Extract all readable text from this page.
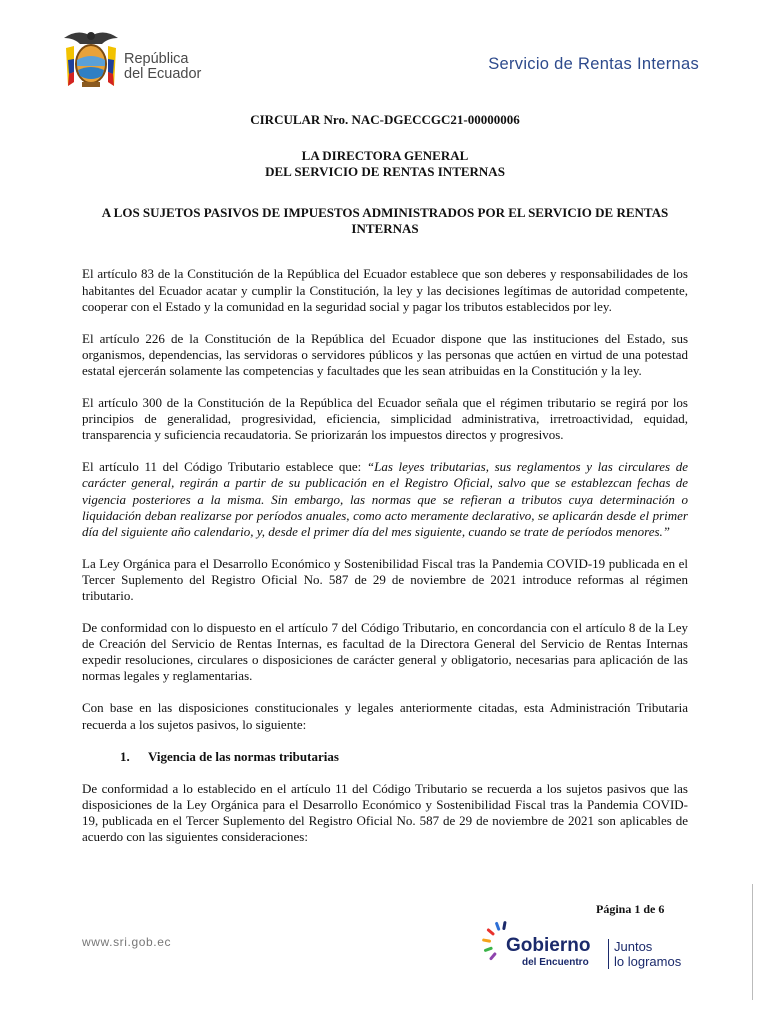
República
del Ecuador
Servicio de Rentas Internas
CIRCULAR Nro. NAC-DGECCGC21-00000006
LA DIRECTORA GENERAL
DEL SERVICIO DE RENTAS INTERNAS
A LOS SUJETOS PASIVOS DE IMPUESTOS ADMINISTRADOS POR EL SERVICIO DE RENTAS INTERNAS

El artículo 83 de la Constitución de la República del Ecuador establece que son deberes y responsabilidades de los habitantes del Ecuador acatar y cumplir la Constitución, la ley y las decisiones legítimas de autoridad competente, cooperar con el Estado y la comunidad en la seguridad social y pagar los tributos establecidos por ley.

El artículo 226 de la Constitución de la República del Ecuador dispone que las instituciones del Estado, sus organismos, dependencias, las servidoras o servidores públicos y las personas que actúen en virtud de una potestad estatal ejercerán solamente las competencias y facultades que les sean atribuidas en la Constitución y la ley.

El artículo 300 de la Constitución de la República del Ecuador señala que el régimen tributario se regirá por los principios de generalidad, progresividad, eficiencia, simplicidad administrativa, irretroactividad, equidad, transparencia y suficiencia recaudatoria. Se priorizarán los impuestos directos y progresivos.

El artículo 11 del Código Tributario establece que: “Las leyes tributarias, sus reglamentos y las circulares de carácter general, regirán a partir de su publicación en el Registro Oficial, salvo que se establezcan fechas de vigencia posteriores a la misma. Sin embargo, las normas que se refieran a tributos cuya determinación o liquidación deban realizarse por períodos anuales, como acto meramente declarativo, se aplicarán desde el primer día del siguiente año calendario, y, desde el primer día del mes siguiente, cuando se trate de períodos menores.”

La Ley Orgánica para el Desarrollo Económico y Sostenibilidad Fiscal tras la Pandemia COVID-19 publicada en el Tercer Suplemento del Registro Oficial No. 587 de 29 de noviembre de 2021 introduce reformas al régimen tributario.

De conformidad con lo dispuesto en el artículo 7 del Código Tributario, en concordancia con el artículo 8 de la Ley de Creación del Servicio de Rentas Internas, es facultad de la Directora General del Servicio de Rentas Internas expedir resoluciones, circulares o disposiciones de carácter general y obligatorio, necesarias para aplicación de las normas legales y reglamentarias.

Con base en las disposiciones constitucionales y legales anteriormente citadas, esta Administración Tributaria recuerda a los sujetos pasivos, lo siguiente:

1. Vigencia de las normas tributarias

De conformidad a lo establecido en el artículo 11 del Código Tributario se recuerda a los sujetos pasivos que las disposiciones de la Ley Orgánica para el Desarrollo Económico y Sostenibilidad Fiscal tras la Pandemia COVID-19, publicada en el Tercer Suplemento del Registro Oficial No. 587 de 29 de noviembre de 2021 son aplicables de acuerdo con las siguientes consideraciones:

Página 1 de 6
www.sri.gob.ec	Gobierno
del Encuentro
Juntos
lo logramos
